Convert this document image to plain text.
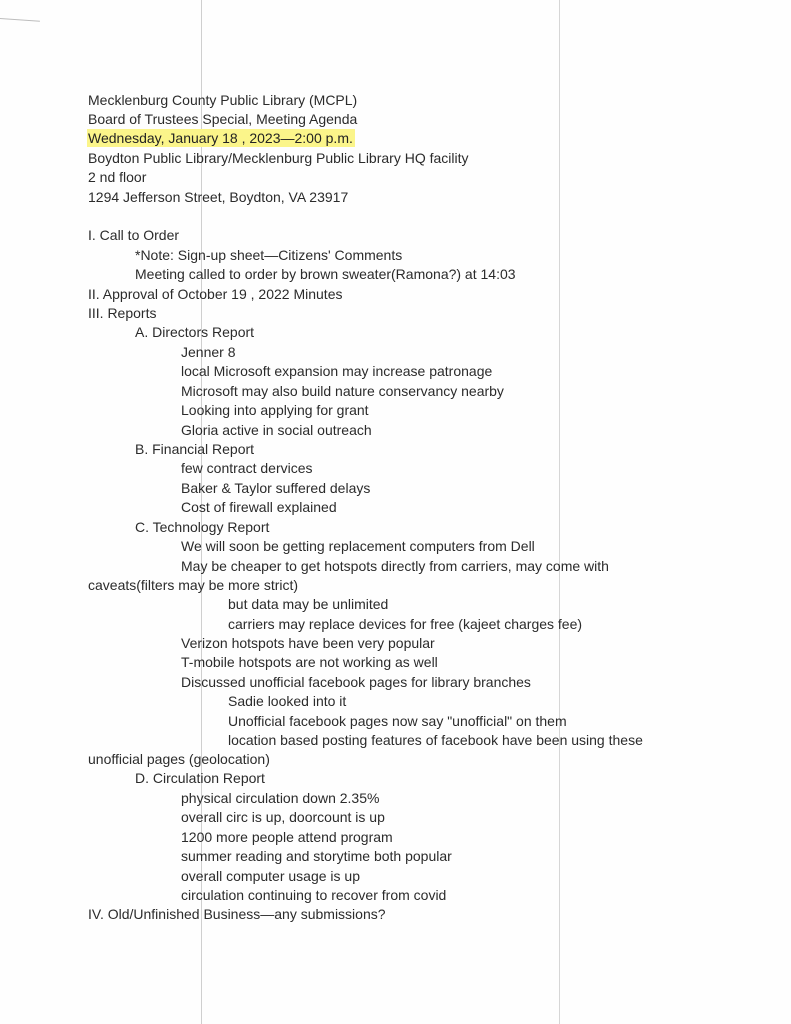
Mecklenburg County Public Library (MCPL)
Board of Trustees Special, Meeting Agenda
Wednesday, January 18 , 2023—2:00 p.m.
Boydton Public Library/Mecklenburg Public Library HQ facility
2 nd floor
1294 Jefferson Street, Boydton, VA 23917
I. Call to Order
*Note: Sign-up sheet—Citizens' Comments
Meeting called to order by brown sweater(Ramona?) at 14:03
II. Approval of October 19 , 2022 Minutes
III. Reports
A. Directors Report
Jenner 8
local Microsoft expansion may increase patronage
Microsoft may also build nature conservancy nearby
Looking into applying for grant
Gloria active in social outreach
B. Financial Report
few contract dervices
Baker & Taylor suffered delays
Cost of firewall explained
C. Technology Report
We will soon be getting replacement computers from Dell
May be cheaper to get hotspots directly from carriers, may come with
caveats(filters may be more strict)
but data may be unlimited
carriers may replace devices for free (kajeet charges fee)
Verizon hotspots have been very popular
T-mobile hotspots are not working as well
Discussed unofficial facebook pages for library branches
Sadie looked into it
Unofficial facebook pages now say "unofficial" on them
location based posting features of facebook have been using these
unofficial pages (geolocation)
D. Circulation Report
physical circulation down 2.35%
overall circ is up, doorcount is up
1200 more people attend program
summer reading and storytime both popular
overall computer usage is up
circulation continuing to recover from covid
IV. Old/Unfinished Business—any submissions?
